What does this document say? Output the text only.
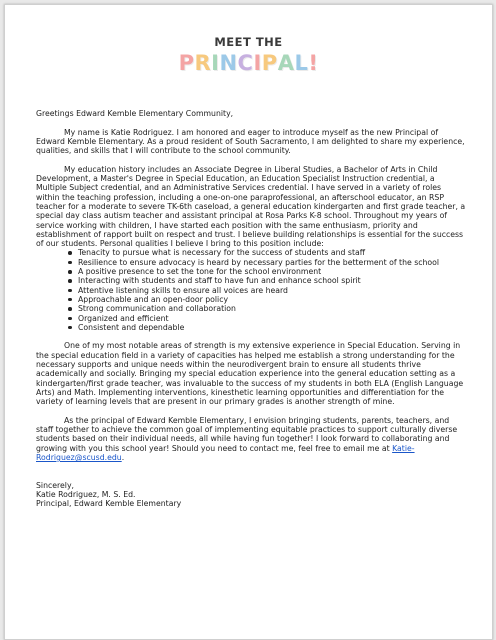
MEET THE
PRINCIPAL!

Greetings Edward Kemble Elementary Community,

My name is Katie Rodriguez. I am honored and eager to introduce myself as the new Principal of Edward Kemble Elementary. As a proud resident of South Sacramento, I am delighted to share my experience, qualities, and skills that I will contribute to the school community.

My education history includes an Associate Degree in Liberal Studies, a Bachelor of Arts in Child Development, a Master's Degree in Special Education, an Education Specialist Instruction credential, a Multiple Subject credential, and an Administrative Services credential. I have served in a variety of roles within the teaching profession, including a one-on-one paraprofessional, an afterschool educator, an RSP teacher for a moderate to severe TK-6th caseload, a general education kindergarten and first grade teacher, a special day class autism teacher and assistant principal at Rosa Parks K-8 school. Throughout my years of service working with children, I have started each position with the same enthusiasm, priority and establishment of rapport built on respect and trust. I believe building relationships is essential for the success of our students. Personal qualities I believe I bring to this position include:

Tenacity to pursue what is necessary for the success of students and staff
Resilience to ensure advocacy is heard by necessary parties for the betterment of the school
A positive presence to set the tone for the school environment
Interacting with students and staff to have fun and enhance school spirit
Attentive listening skills to ensure all voices are heard
Approachable and an open-door policy
Strong communication and collaboration
Organized and efficient
Consistent and dependable

One of my most notable areas of strength is my extensive experience in Special Education. Serving in the special education field in a variety of capacities has helped me establish a strong understanding for the necessary supports and unique needs within the neurodivergent brain to ensure all students thrive academically and socially. Bringing my special education experience into the general education setting as a kindergarten/first grade teacher, was invaluable to the success of my students in both ELA (English Language Arts) and Math. Implementing interventions, kinesthetic learning opportunities and differentiation for the variety of learning levels that are present in our primary grades is another strength of mine.

As the principal of Edward Kemble Elementary, I envision bringing students, parents, teachers, and staff together to achieve the common goal of implementing equitable practices to support culturally diverse students based on their individual needs, all while having fun together! I look forward to collaborating and growing with you this school year! Should you need to contact me, feel free to email me at Katie-Rodriguez@scusd.edu.

Sincerely,

Katie Rodriguez, M. S. Ed.

Principal, Edward Kemble Elementary
